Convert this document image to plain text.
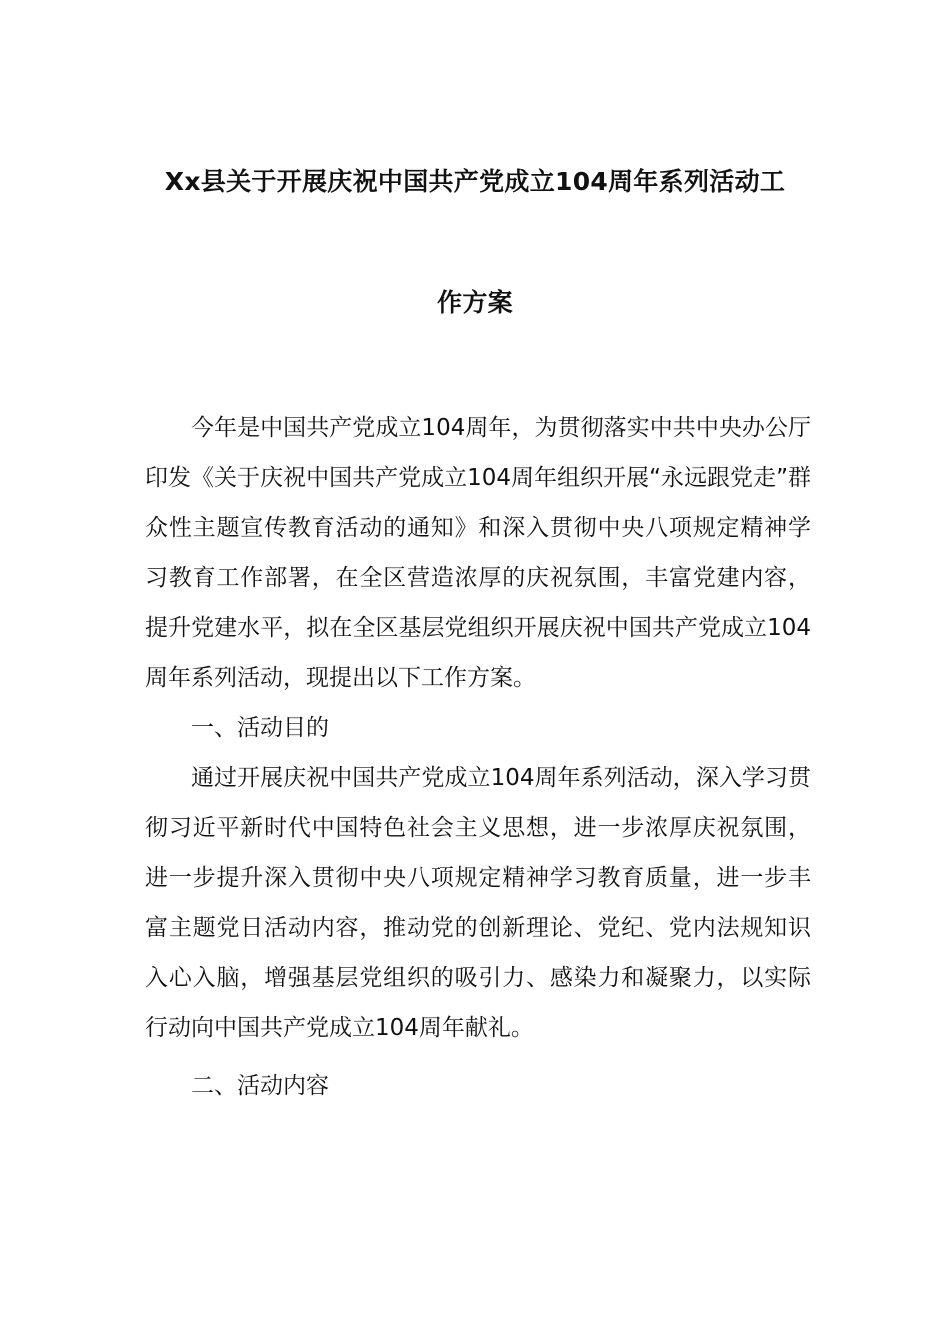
Xx县关于开展庆祝中国共产党成立104周年系列活动工
作方案

今年是中国共产党成立104周年，为贯彻落实中共中央办公厅印发《关于庆祝中国共产党成立104周年组织开展“永远跟党走”群众性主题宣传教育活动的通知》和深入贯彻中央八项规定精神学习教育工作部署，在全区营造浓厚的庆祝氛围，丰富党建内容，提升党建水平，拟在全区基层党组织开展庆祝中国共产党成立104周年系列活动，现提出以下工作方案。

一、活动目的

通过开展庆祝中国共产党成立104周年系列活动，深入学习贯彻习近平新时代中国特色社会主义思想，进一步浓厚庆祝氛围，进一步提升深入贯彻中央八项规定精神学习教育质量，进一步丰富主题党日活动内容，推动党的创新理论、党纪、党内法规知识入心入脑，增强基层党组织的吸引力、感染力和凝聚力，以实际行动向中国共产党成立104周年献礼。

二、活动内容
